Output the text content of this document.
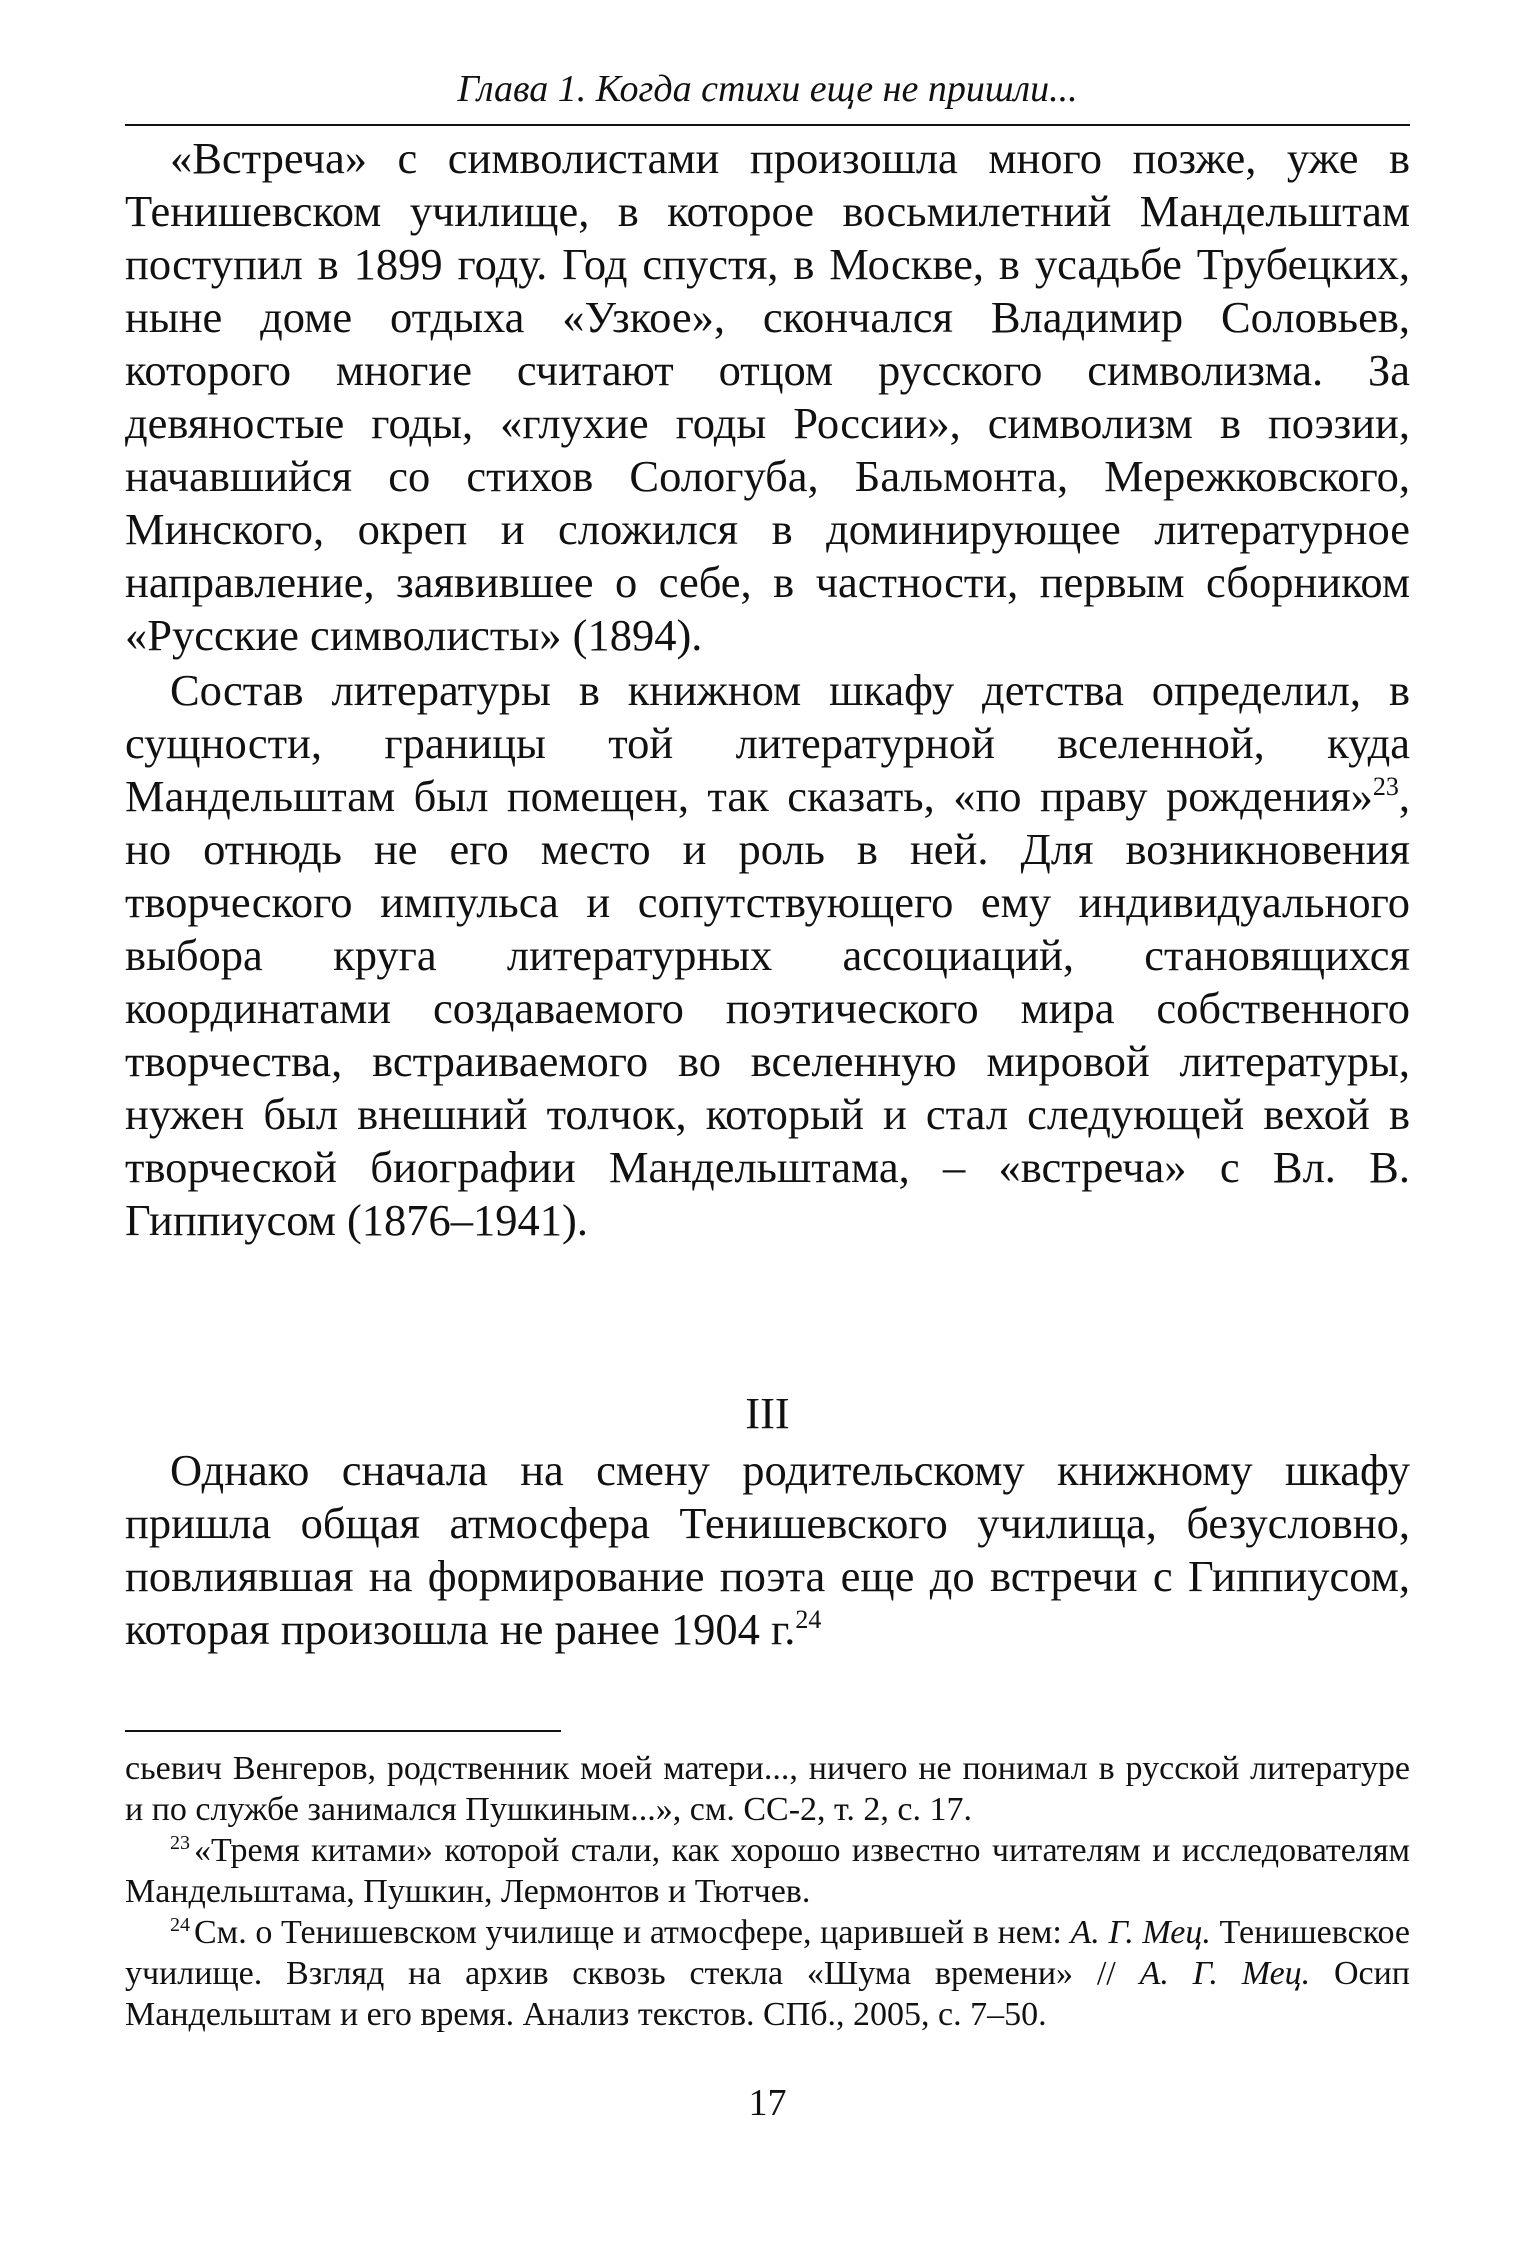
Глава 1. Когда стихи еще не пришли...

«Встреча» с символистами произошла много позже, уже в Тенишевском училище, в которое восьмилетний Мандельштам поступил в 1899 году. Год спустя, в Москве, в усадьбе Трубецких, ныне доме отдыха «Узкое», скончался Владимир Соловьев, которого многие считают отцом русского символизма. За девяностые годы, «глухие годы России», символизм в поэзии, начавшийся со стихов Сологуба, Бальмонта, Мережковского, Минского, окреп и сложился в доминирующее литературное направление, заявившее о себе, в частности, первым сборником «Русские символисты» (1894).

Состав литературы в книжном шкафу детства определил, в сущности, границы той литературной вселенной, куда Мандельштам был помещен, так сказать, «по праву рождения»$^{23}$, но отнюдь не его место и роль в ней. Для возникновения творческого импульса и сопутствующего ему индивидуального выбора круга литературных ассоциаций, становящихся координатами создаваемого поэтического мира собственного творчества, встраиваемого во вселенную мировой литературы, нужен был внешний толчок, который и стал следующей вехой в творческой биографии Мандельштама, – «встреча» с Вл. В. Гиппиусом (1876–1941).

III

Однако сначала на смену родительскому книжному шкафу пришла общая атмосфера Тенишевского училища, безусловно, повлиявшая на формирование поэта еще до встречи с Гиппиусом, которая произошла не ранее 1904 г.$^{24}$

сьевич Венгеров, родственник моей матери..., ничего не понимал в русской литературе и по службе занимался Пушкиным...», см. СС-2, т. 2, с. 17.

$^{23}$ «Тремя китами» которой стали, как хорошо известно читателям и исследователям Мандельштама, Пушкин, Лермонтов и Тютчев.

$^{24}$ См. о Тенишевском училище и атмосфере, царившей в нем: А. Г. Мец. Тенишевское училище. Взгляд на архив сквозь стекла «Шума времени» // А. Г. Мец. Осип Мандельштам и его время. Анализ текстов. СПб., 2005, с. 7–50.

17
